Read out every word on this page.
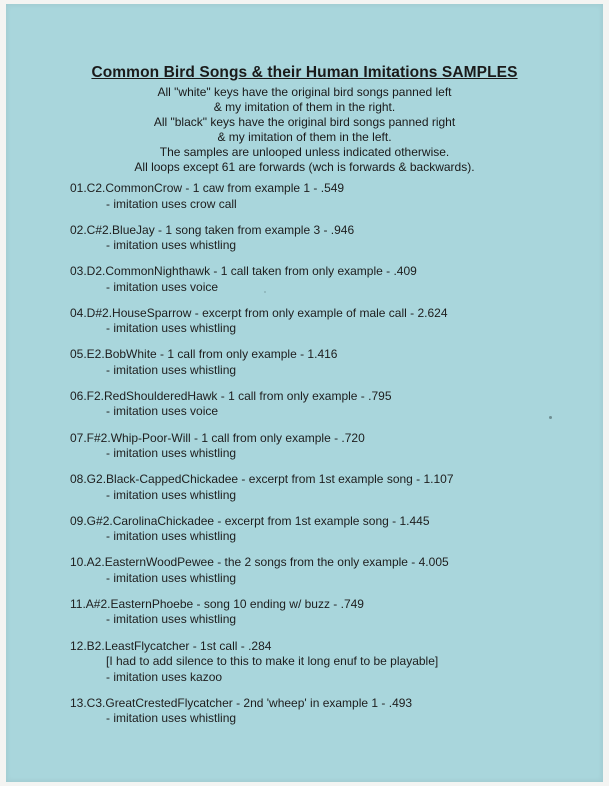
Common Bird Songs & their Human Imitations SAMPLES
All "white" keys have the original bird songs panned left
& my imitation of them in the right.
All "black" keys have the original bird songs panned right
& my imitation of them in the left.
The samples are unlooped unless indicated otherwise.
All loops except 61 are forwards (wch is forwards & backwards).
01.C2.CommonCrow - 1 caw from example 1 - .549
- imitation uses crow call
02.C#2.BlueJay - 1 song taken from example 3 - .946
- imitation uses whistling
03.D2.CommonNighthawk - 1 call taken from only example - .409
- imitation uses voice
04.D#2.HouseSparrow - excerpt from only example of male call - 2.624
- imitation uses whistling
05.E2.BobWhite - 1 call from only example - 1.416
- imitation uses whistling
06.F2.RedShoulderedHawk - 1 call from only example - .795
- imitation uses voice
07.F#2.Whip-Poor-Will - 1 call from only example - .720
- imitation uses whistling
08.G2.Black-CappedChickadee - excerpt from 1st example song - 1.107
- imitation uses whistling
09.G#2.CarolinaChickadee - excerpt from 1st example song - 1.445
- imitation uses whistling
10.A2.EasternWoodPewee - the 2 songs from the only example - 4.005
- imitation uses whistling
11.A#2.EasternPhoebe - song 10 ending w/ buzz - .749
- imitation uses whistling
12.B2.LeastFlycatcher - 1st call - .284
[I had to add silence to this to make it long enuf to be playable]
- imitation uses kazoo
13.C3.GreatCrestedFlycatcher - 2nd 'wheep' in example 1 - .493
- imitation uses whistling
